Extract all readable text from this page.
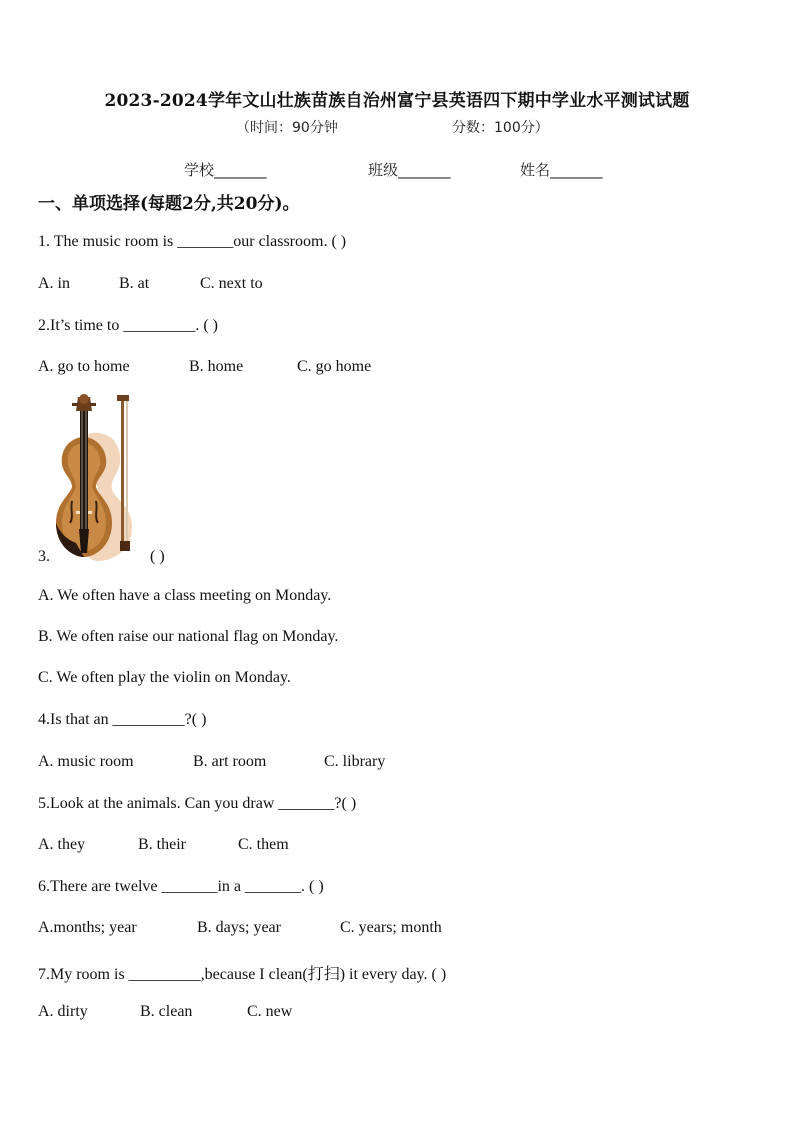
2023-2024学年文山壮族苗族自治州富宁县英语四下期中学业水平测试试题
（时间：90分钟	分数：100分）
学校_______	班级_______	姓名_______
一、单项选择(每题2分,共20分)。
1. The music room is _______our classroom. ( )
A. in	B. at	C. next to
2.It’s time to _________. ( )
A. go to home	B. home	C. go home
3.	( )
A. We often have a class meeting on Monday.
B. We often raise our national flag on Monday.
C. We often play the violin on Monday.
4.Is that an _________?( )
A. music room	B. art room	C. library
5.Look at the animals. Can you draw _______?( )
A. they	B. their	C. them
6.There are twelve _______in a _______. ( )
A.months; year	B. days; year	C. years; month
7.My room is _________,because I clean(打扫) it every day. ( )
A. dirty	B. clean	C. new
